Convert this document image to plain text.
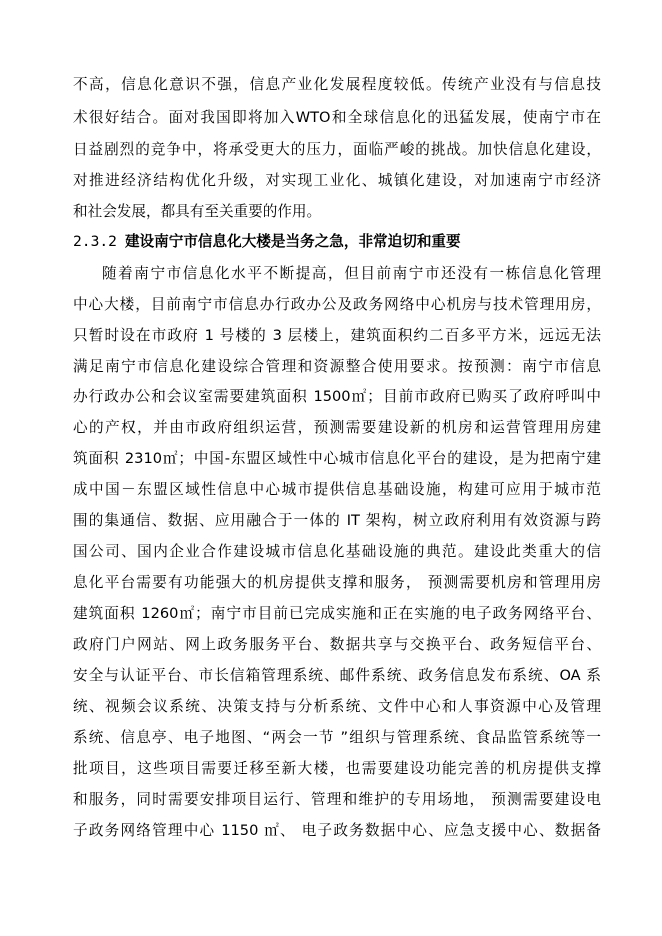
不高，信息化意识不强，信息产业化发展程度较低。传统产业没有与信息技
术很好结合。面对我国即将加入WTO和全球信息化的迅猛发展，使南宁市在
日益剧烈的竞争中，将承受更大的压力，面临严峻的挑战。加快信息化建设，
对推进经济结构优化升级，对实现工业化、城镇化建设，对加速南宁市经济
和社会发展，都具有至关重要的作用。
2.3.2 建设南宁市信息化大楼是当务之急，非常迫切和重要
随着南宁市信息化水平不断提高，但目前南宁市还没有一栋信息化管理
中心大楼，目前南宁市信息办行政办公及政务网络中心机房与技术管理用房，
只暂时设在市政府 1 号楼的 3 层楼上，建筑面积约二百多平方米，远远无法
满足南宁市信息化建设综合管理和资源整合使用要求。按预测：南宁市信息
办行政办公和会议室需要建筑面积 1500㎡；目前市政府已购买了政府呼叫中
心的产权，并由市政府组织运营，预测需要建设新的机房和运营管理用房建
筑面积 2310㎡；中国-东盟区域性中心城市信息化平台的建设，是为把南宁建
成中国－东盟区域性信息中心城市提供信息基础设施，构建可应用于城市范
围的集通信、数据、应用融合于一体的 IT 架构，树立政府利用有效资源与跨
国公司、国内企业合作建设城市信息化基础设施的典范。建设此类重大的信
息化平台需要有功能强大的机房提供支撑和服务， 预测需要机房和管理用房
建筑面积 1260㎡；南宁市目前已完成实施和正在实施的电子政务网络平台、
政府门户网站、网上政务服务平台、数据共享与交换平台、政务短信平台、
安全与认证平台、市长信箱管理系统、邮件系统、政务信息发布系统、OA 系
统、视频会议系统、决策支持与分析系统、文件中心和人事资源中心及管理
系统、信息亭、电子地图、“两会一节 ”组织与管理系统、食品监管系统等一
批项目，这些项目需要迁移至新大楼，也需要建设功能完善的机房提供支撑
和服务，同时需要安排项目运行、管理和维护的专用场地， 预测需要建设电
子政务网络管理中心 1150 ㎡、 电子政务数据中心、应急支援中心、数据备
